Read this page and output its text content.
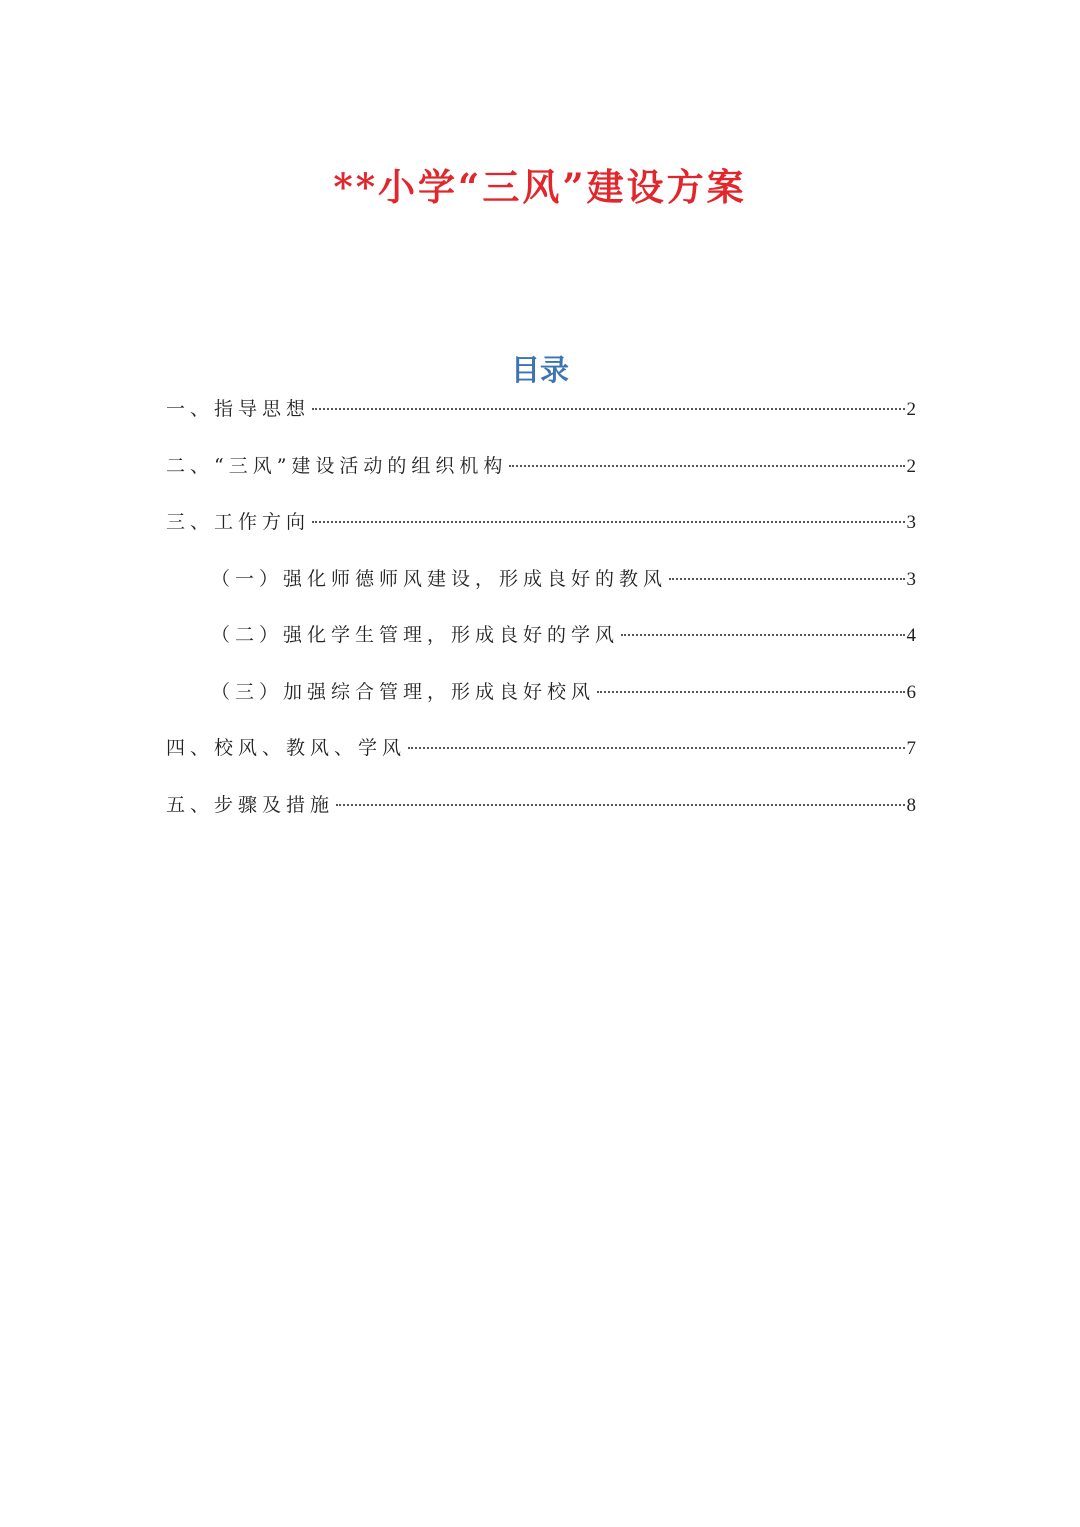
**小学“三风”建设方案
目录
一、指导思想	2
二、“三风”建设活动的组织机构	2
三、工作方向	3
（一）强化师德师风建设，形成良好的教风	3
（二）强化学生管理，形成良好的学风	4
（三）加强综合管理，形成良好校风	6
四、校风、教风、学风	7
五、步骤及措施	8
